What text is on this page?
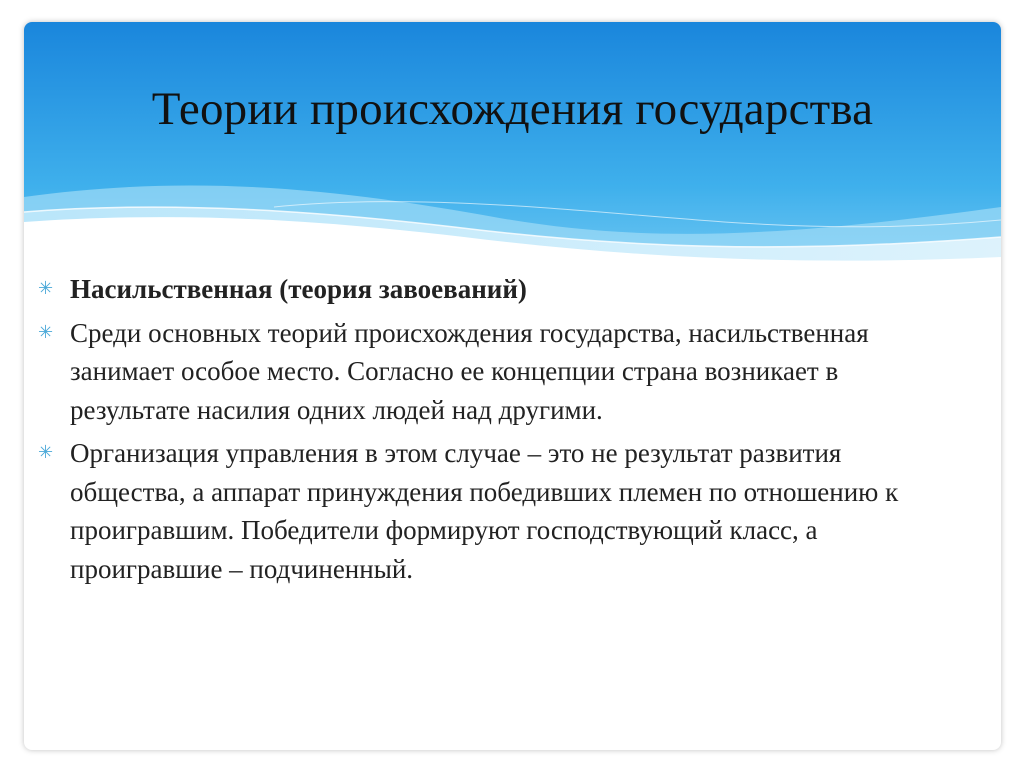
Теории происхождения государства
✳ Насильственная (теория завоеваний)
✳ Среди основных теорий происхождения государства, насильственная занимает особое место. Согласно ее концепции страна возникает в результате насилия одних людей над другими.
✳ Организация управления в этом случае – это не результат развития общества, а аппарат принуждения победивших племен по отношению к проигравшим. Победители формируют господствующий класс, а проигравшие – подчиненный.
